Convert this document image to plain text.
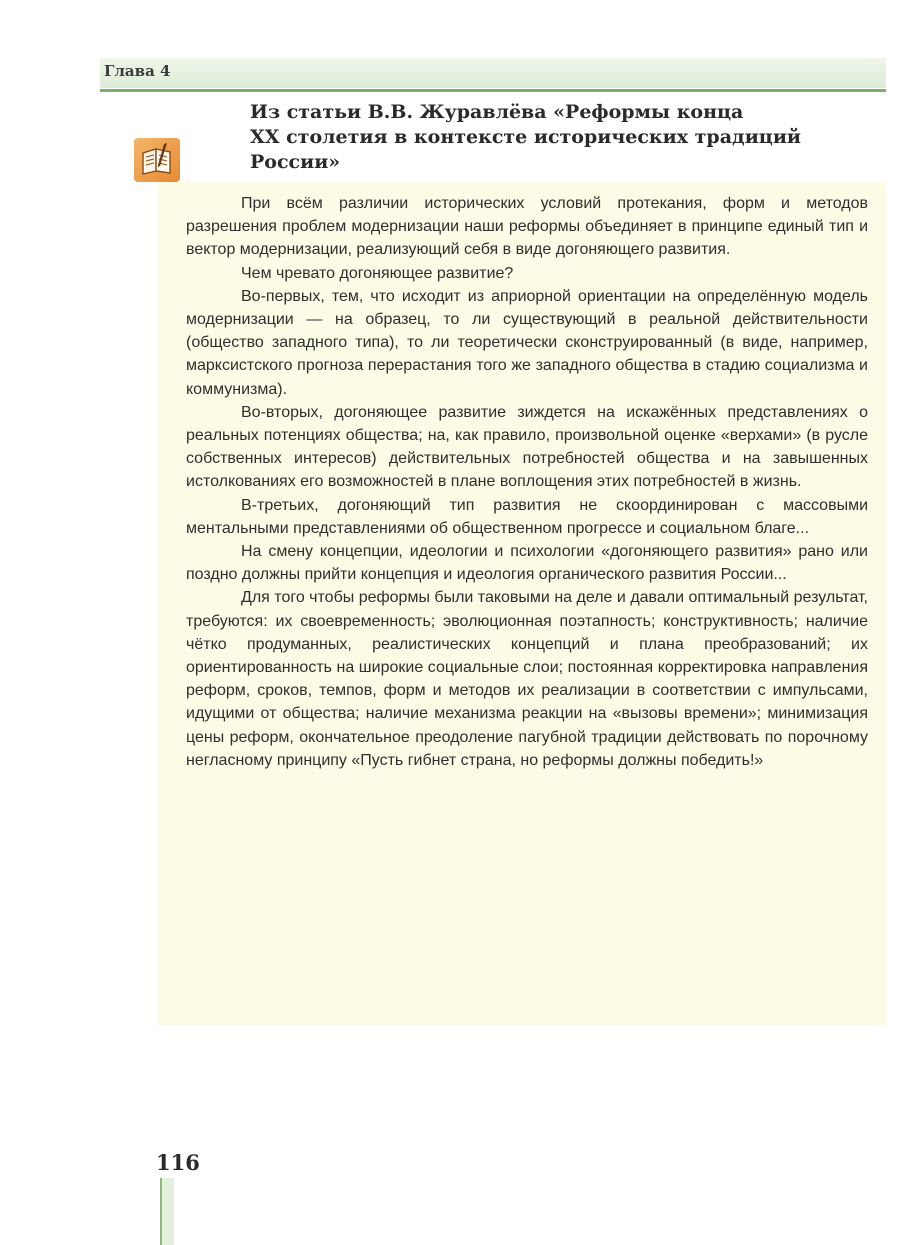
Глава 4
Из статьи В.В. Журавлёва «Реформы конца
XX столетия в контексте исторических традиций
России»

При всём различии исторических условий протекания, форм и методов разрешения проблем модернизации наши реформы объединяет в принципе единый тип и вектор модернизации, реализующий себя в виде догоняющего развития.

Чем чревато догоняющее развитие?

Во-первых, тем, что исходит из априорной ориентации на определённую модель модернизации — на образец, то ли существующий в реальной действительности (общество западного типа), то ли теоретически сконструированный (в виде, например, марксистского прогноза перерастания того же западного общества в стадию социализма и коммунизма).

Во-вторых, догоняющее развитие зиждется на искажённых представлениях о реальных потенциях общества; на, как правило, произвольной оценке «верхами» (в русле собственных интересов) действительных потребностей общества и на завышенных истолкованиях его возможностей в плане воплощения этих потребностей в жизнь.

В-третьих, догоняющий тип развития не скоординирован с массовыми ментальными представлениями об общественном прогрессе и социальном благе...

На смену концепции, идеологии и психологии «догоняющего развития» рано или поздно должны прийти концепция и идеология органического развития России...

Для того чтобы реформы были таковыми на деле и давали оптимальный результат, требуются: их своевременность; эволюционная поэтапность; конструктивность; наличие чётко продуманных, реалистических концепций и плана преобразований; их ориентированность на широкие социальные слои; постоянная корректировка направления реформ, сроков, темпов, форм и методов их реализации в соответствии с импульсами, идущими от общества; наличие механизма реакции на «вызовы времени»; минимизация цены реформ, окончательное преодоление пагубной традиции действовать по порочному негласному принципу «Пусть гибнет страна, но реформы должны победить!»

116
